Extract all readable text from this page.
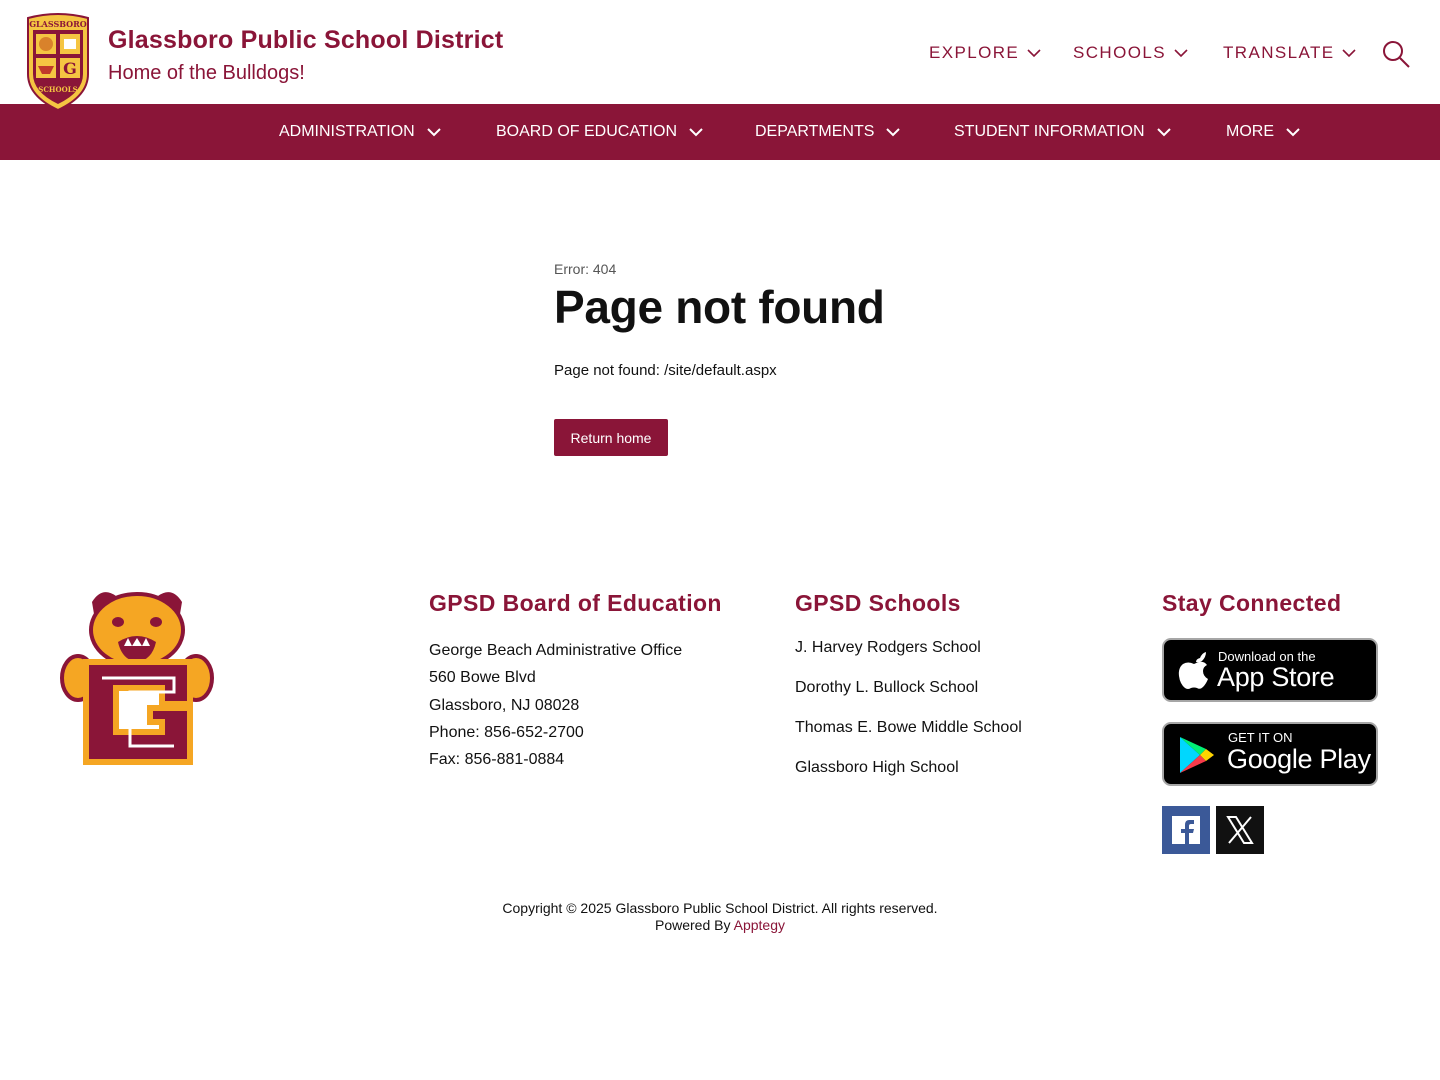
GLASSBORO
G
SCHOOLS
Glassboro Public School District
Home of the Bulldogs!
EXPLORE	SCHOOLS	TRANSLATE
ADMINISTRATION	BOARD OF EDUCATION	DEPARTMENTS	STUDENT INFORMATION	MORE
Error: 404
Page not found
Page not found: /site/default.aspx
Return home
GPSD Board of Education
George Beach Administrative Office
560 Bowe Blvd
Glassboro, NJ 08028
Phone: 856-652-2700
Fax: 856-881-0884
GPSD Schools
J. Harvey Rodgers School
Dorothy L. Bullock School
Thomas E. Bowe Middle School
Glassboro High School
Stay Connected
Download on the
App Store
GET IT ON
Google Play
Copyright © 2025 Glassboro Public School District. All rights reserved.
Powered By Apptegy
